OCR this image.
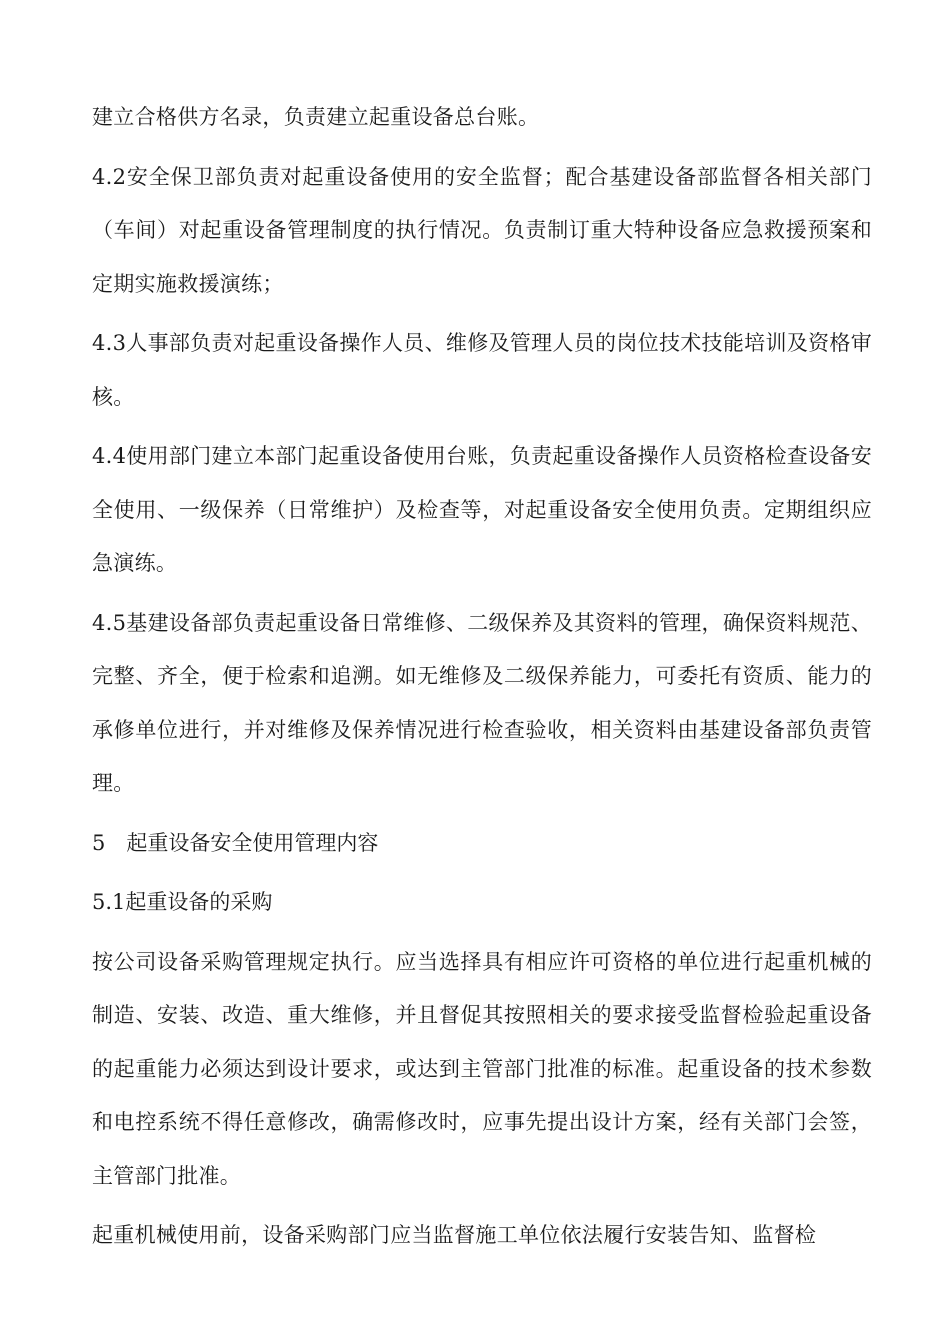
建立合格供方名录，负责建立起重设备总台账。

4.2安全保卫部负责对起重设备使用的安全监督；配合基建设备部监督各相关部门（车间）对起重设备管理制度的执行情况。负责制订重大特种设备应急救援预案和定期实施救援演练；

4.3人事部负责对起重设备操作人员、维修及管理人员的岗位技术技能培训及资格审核。

4.4使用部门建立本部门起重设备使用台账，负责起重设备操作人员资格检查设备安全使用、一级保养（日常维护）及检查等，对起重设备安全使用负责。定期组织应急演练。

4.5基建设备部负责起重设备日常维修、二级保养及其资料的管理，确保资料规范、完整、齐全，便于检索和追溯。如无维修及二级保养能力，可委托有资质、能力的承修单位进行，并对维修及保养情况进行检查验收，相关资料由基建设备部负责管理。

5　起重设备安全使用管理内容

5.1起重设备的采购

按公司设备采购管理规定执行。应当选择具有相应许可资格的单位进行起重机械的制造、安装、改造、重大维修，并且督促其按照相关的要求接受监督检验起重设备的起重能力必须达到设计要求，或达到主管部门批准的标准。起重设备的技术参数和电控系统不得任意修改，确需修改时，应事先提出设计方案，经有关部门会签，主管部门批准。

起重机械使用前，设备采购部门应当监督施工单位依法履行安装告知、监督检
